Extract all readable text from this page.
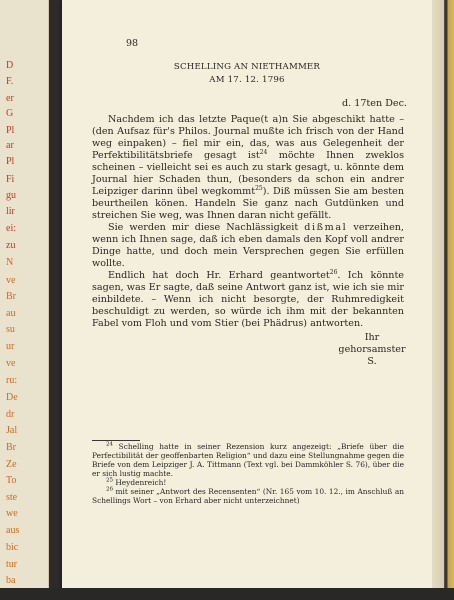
D
F.
er
G
Pl
ar
Pl
Fi
gu
lir
ei:
zu
N
ve
Br
au
su
ur
ve
ru:
De
dr
Jal
Br
Ze
To
ste
we
aus
bic
tur
ba
98
SCHELLING AN NIETHAMMER
AM 17. 12. 1796
d. 17ten Dec.

Nachdem ich das letzte Paque(t a)n Sie abgeschikt hatte – (den Aufsaz für's Philos. Journal mußte ich frisch von der Hand weg einpaken) – fiel mir ein, das, was aus Gelegenheit der Perfektibilitätsbriefe gesagt ist$^{24}$ möchte Ihnen zweklos scheinen – vielleicht sei es auch zu stark gesagt, u. könnte dem Journal hier Schaden thun, (besonders da schon ein andrer Leipziger darinn übel wegkommt$^{25}$). Diß müssen Sie am besten beurtheilen könen. Handeln Sie ganz nach Gutdünken und streichen Sie weg, was Ihnen daran nicht gefällt.

Sie werden mir diese Nachlässigkeit dißmal verzeihen, wenn ich Ihnen sage, daß ich eben damals den Kopf voll andrer Dinge hatte, und doch mein Versprechen gegen Sie erfüllen wollte.

Endlich hat doch Hr. Erhard geantwortet$^{26}$. Ich könnte sagen, was Er sagte, daß seine Antwort ganz ist, wie ich sie mir einbildete. – Wenn ich nicht besorgte, der Ruhmredigkeit beschuldigt zu werden, so würde ich ihm mit der bekannten Fabel vom Floh und vom Stier (bei Phädrus) antworten.

Ihr
gehorsamster
S.

$^{24}$ Schelling hatte in seiner Rezension kurz angezeigt: „Briefe über die Perfectibilität der geoffenbarten Religion“ und dazu eine Stellungnahme gegen die Briefe von dem Leipziger J. A. Tittmann (Text vgl. bei Dammköhler S. 76), über die er sich lustig machte.

$^{25}$ Heydenreich!

$^{26}$ mit seiner „Antwort des Recensenten“ (Nr. 165 vom 10. 12., im Anschluß an Schellings Wort – von Erhard aber nicht unterzeichnet)
